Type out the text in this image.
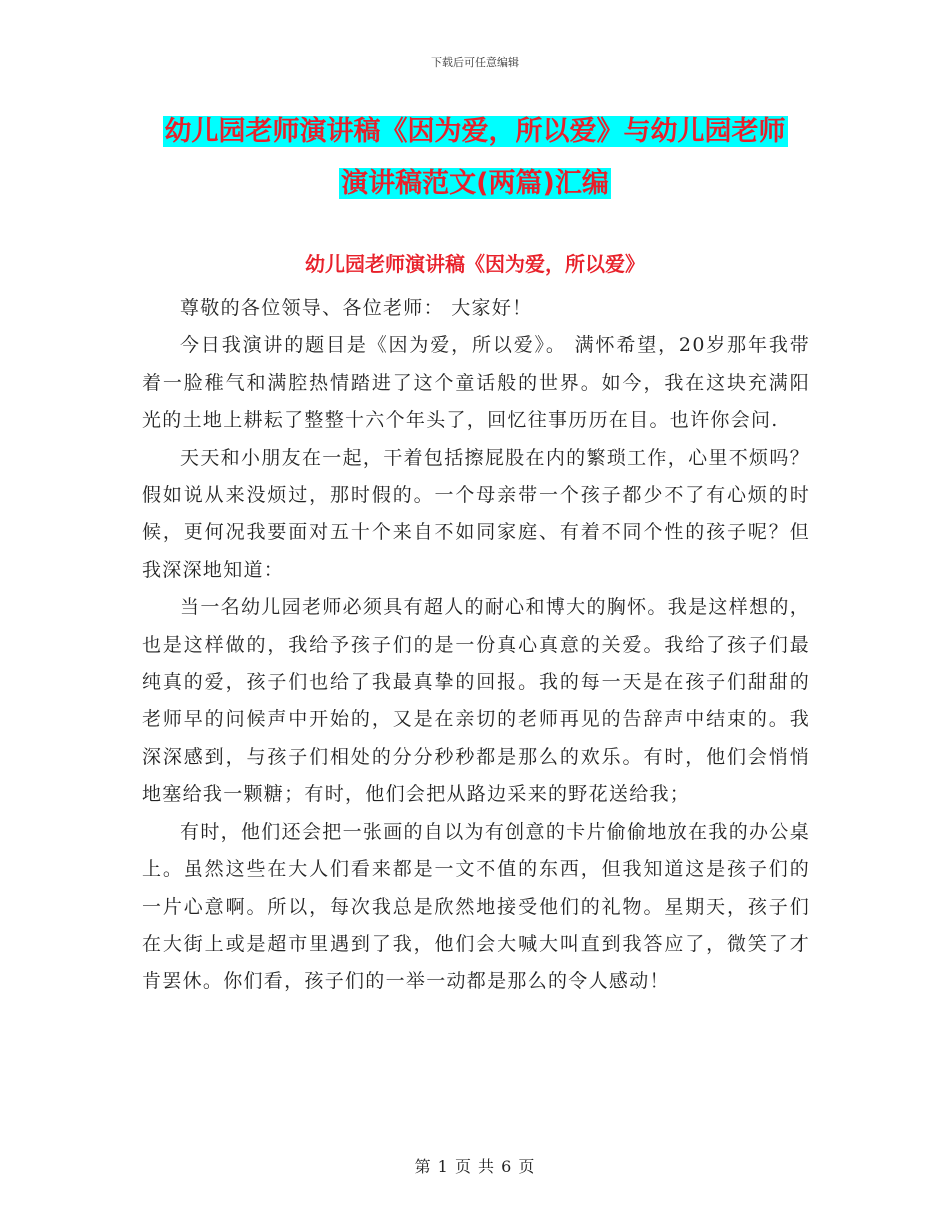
下载后可任意编辑
幼儿园老师演讲稿《因为爱，所以爱》与幼儿园老师
演讲稿范文(两篇)汇编
幼儿园老师演讲稿《因为爱，所以爱》

尊敬的各位领导、各位老师： 大家好！

今日我演讲的题目是《因为爱，所以爱》。 满怀希望，20岁那年我带着一脸稚气和满腔热情踏进了这个童话般的世界。如今，我在这块充满阳光的土地上耕耘了整整十六个年头了，回忆往事历历在目。也许你会问.

天天和小朋友在一起，干着包括擦屁股在内的繁琐工作，心里不烦吗？假如说从来没烦过，那时假的。一个母亲带一个孩子都少不了有心烦的时候，更何况我要面对五十个来自不如同家庭、有着不同个性的孩子呢？但我深深地知道：

当一名幼儿园老师必须具有超人的耐心和博大的胸怀。我是这样想的，也是这样做的，我给予孩子们的是一份真心真意的关爱。我给了孩子们最纯真的爱，孩子们也给了我最真挚的回报。我的每一天是在孩子们甜甜的老师早的问候声中开始的，又是在亲切的老师再见的告辞声中结束的。我深深感到，与孩子们相处的分分秒秒都是那么的欢乐。有时，他们会悄悄地塞给我一颗糖；有时，他们会把从路边采来的野花送给我；

有时，他们还会把一张画的自以为有创意的卡片偷偷地放在我的办公桌上。虽然这些在大人们看来都是一文不值的东西，但我知道这是孩子们的一片心意啊。所以，每次我总是欣然地接受他们的礼物。星期天，孩子们在大街上或是超市里遇到了我，他们会大喊大叫直到我答应了，微笑了才肯罢休。你们看，孩子们的一举一动都是那么的令人感动！

第 1 页 共 6 页
